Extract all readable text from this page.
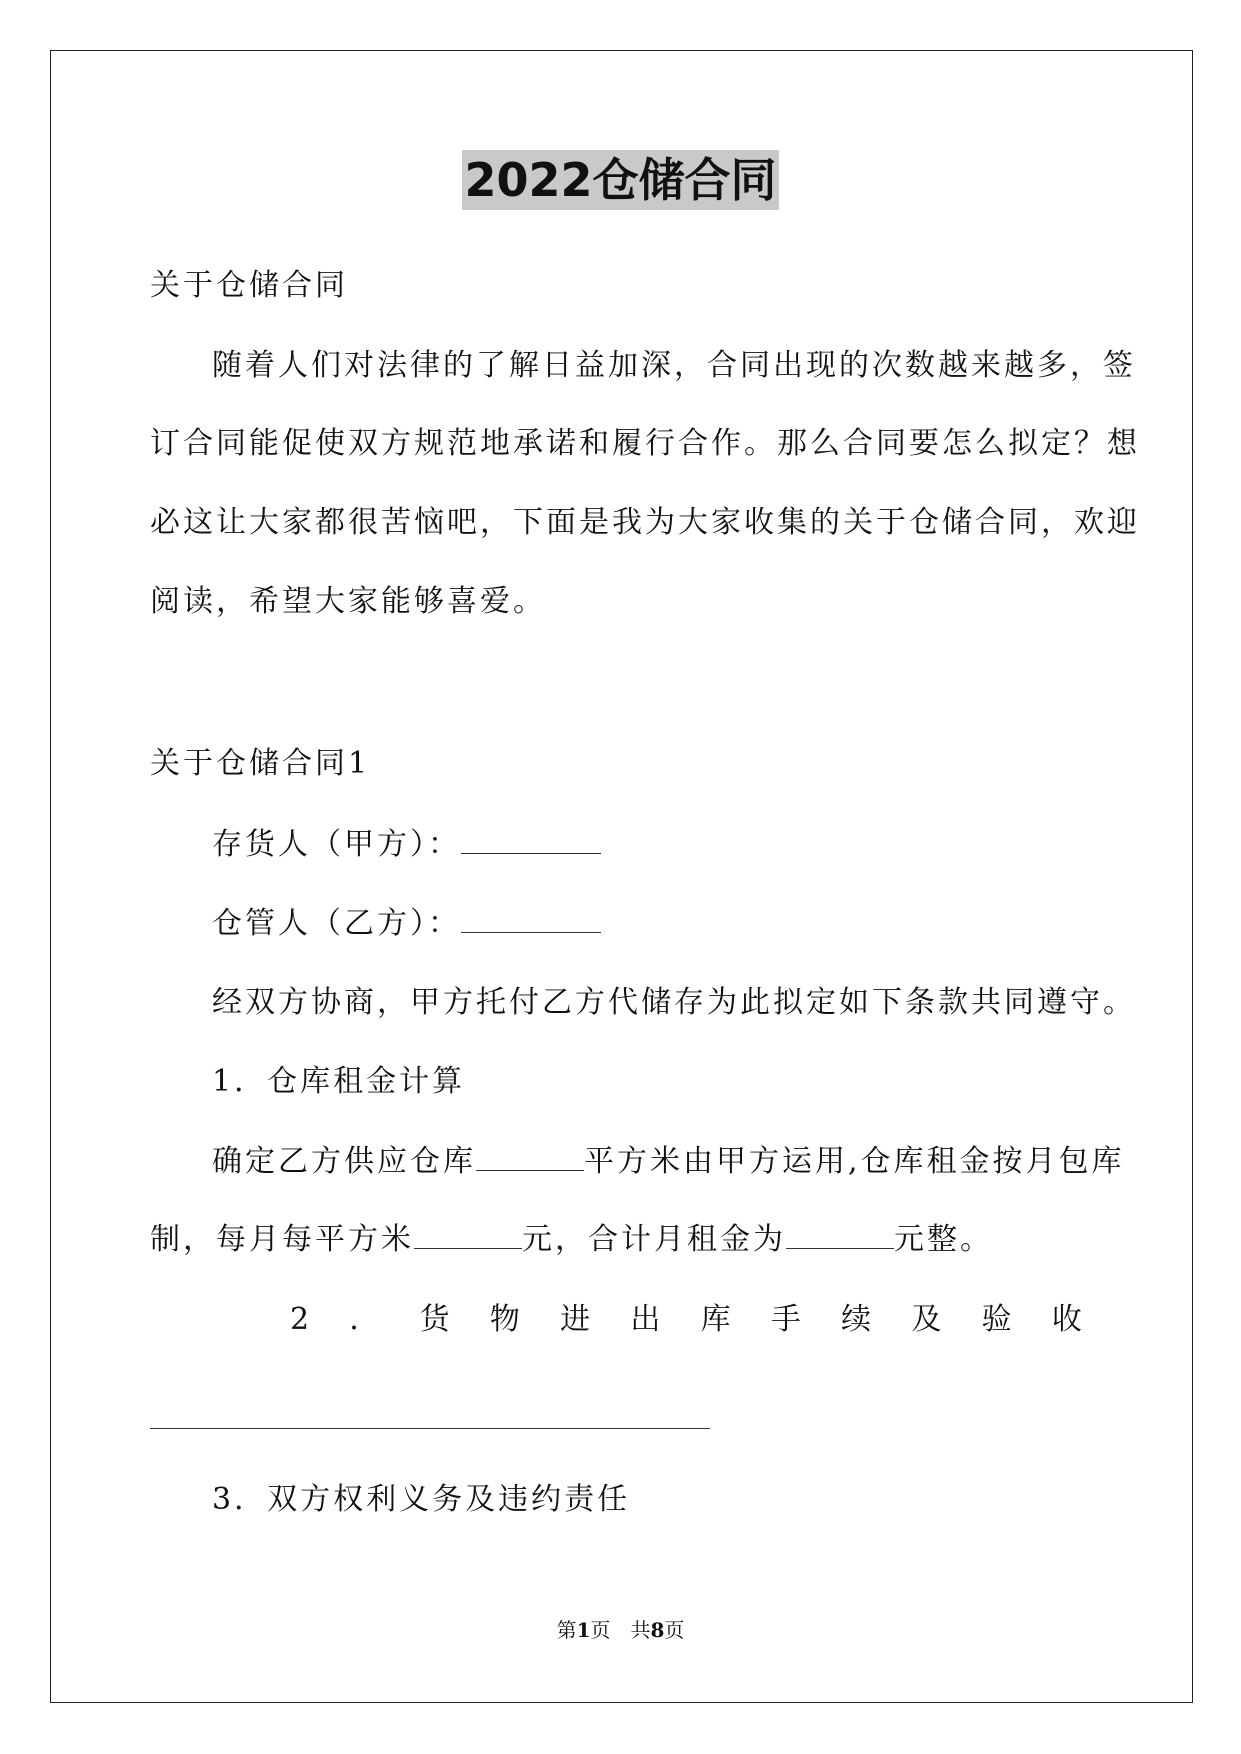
2022仓储合同
关于仓储合同
随着人们对法律的了解日益加深，合同出现的次数越来越多，签
订合同能促使双方规范地承诺和履行合作。那么合同要怎么拟定？想
必这让大家都很苦恼吧，下面是我为大家收集的关于仓储合同，欢迎
阅读，希望大家能够喜爱。
关于仓储合同1
存货人（甲方）：
仓管人（乙方）：
经双方协商，甲方托付乙方代储存为此拟定如下条款共同遵守。
1．仓库租金计算
确定乙方供应仓库	平方米由甲方运用,仓库租金按月包库
制，每月每平方米	元，合计月租金为	元整。
2 ． 货 物 进 出 库 手 续 及 验 收
3．双方权利义务及违约责任
第1页　共8页
